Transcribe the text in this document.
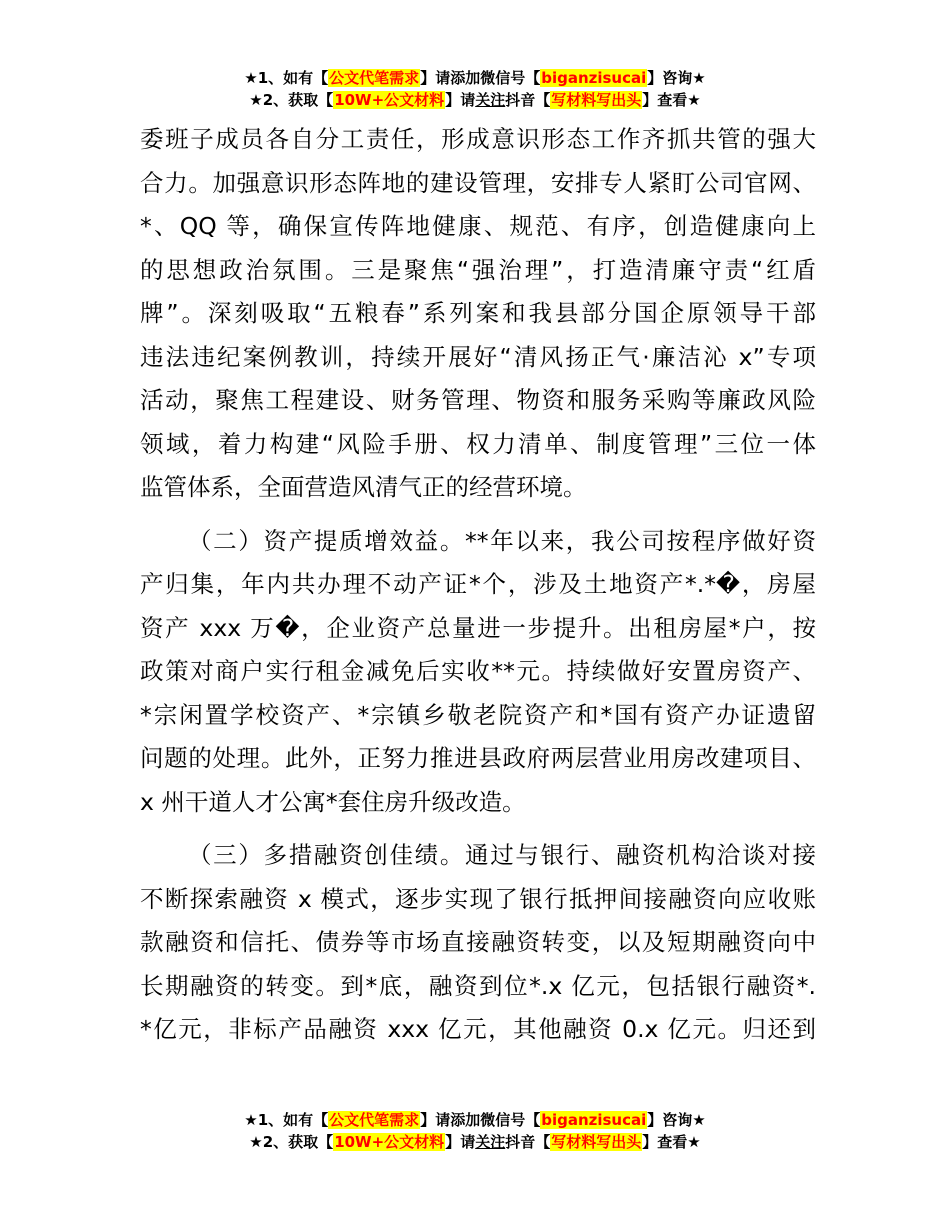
★1、如有【公文代笔需求】请添加微信号【biganzisucai】咨询★
★2、获取【10W+公文材料】请关注抖音【写材料写出头】查看★
委班子成员各自分工责任，形成意识形态工作齐抓共管的强大
合力。加强意识形态阵地的建设管理，安排专人紧盯公司官网、
*、QQ 等，确保宣传阵地健康、规范、有序，创造健康向上
的思想政治氛围。三是聚焦“强治理”，打造清廉守责“红盾
牌”。深刻吸取“五粮春”系列案和我县部分国企原领导干部
违法违纪案例教训，持续开展好“清风扬正气·廉洁沁 x”专项
活动，聚焦工程建设、财务管理、物资和服务采购等廉政风险
领域，着力构建“风险手册、权力清单、制度管理”三位一体
监管体系，全面营造风清气正的经营环境。
（二）资产提质增效益。**年以来，我公司按程序做好资
产归集，年内共办理不动产证*个，涉及土地资产*.*�，房屋
资产 xxx 万�，企业资产总量进一步提升。出租房屋*户，按
政策对商户实行租金减免后实收**元。持续做好安置房资产、
*宗闲置学校资产、*宗镇乡敬老院资产和*国有资产办证遗留
问题的处理。此外，正努力推进县政府两层营业用房改建项目、
x 州干道人才公寓*套住房升级改造。
（三）多措融资创佳绩。通过与银行、融资机构洽谈对接
不断探索融资 x 模式，逐步实现了银行抵押间接融资向应收账
款融资和信托、债券等市场直接融资转变，以及短期融资向中
长期融资的转变。到*底，融资到位*.x 亿元，包括银行融资*.
*亿元，非标产品融资 xxx 亿元，其他融资 0.x 亿元。归还到
★1、如有【公文代笔需求】请添加微信号【biganzisucai】咨询★
★2、获取【10W+公文材料】请关注抖音【写材料写出头】查看★
